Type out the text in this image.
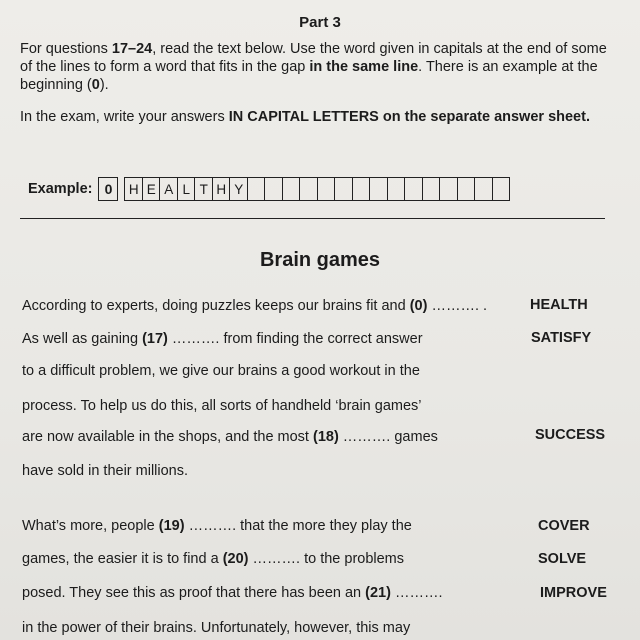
Part 3

For questions 17–24, read the text below. Use the word given in capitals at the end of some of the lines to form a word that fits in the gap in the same line. There is an example at the beginning (0).

In the exam, write your answers IN CAPITAL LETTERS on the separate answer sheet.

Example: 0	H E A L T H Y
Brain games
According to experts, doing puzzles keeps our brains fit and (0) ………. .
As well as gaining (17) ………. from finding the correct answer
to a difficult problem, we give our brains a good workout in the
process. To help us do this, all sorts of handheld ‘brain games’
are now available in the shops, and the most (18) ………. games
have sold in their millions.
What’s more, people (19) ………. that the more they play the
games, the easier it is to find a (20) ………. to the problems
posed. They see this as proof that there has been an (21) ……….
in the power of their brains. Unfortunately, however, this may
HEALTH
SATISFY
SUCCESS
COVER
SOLVE
IMPROVE
